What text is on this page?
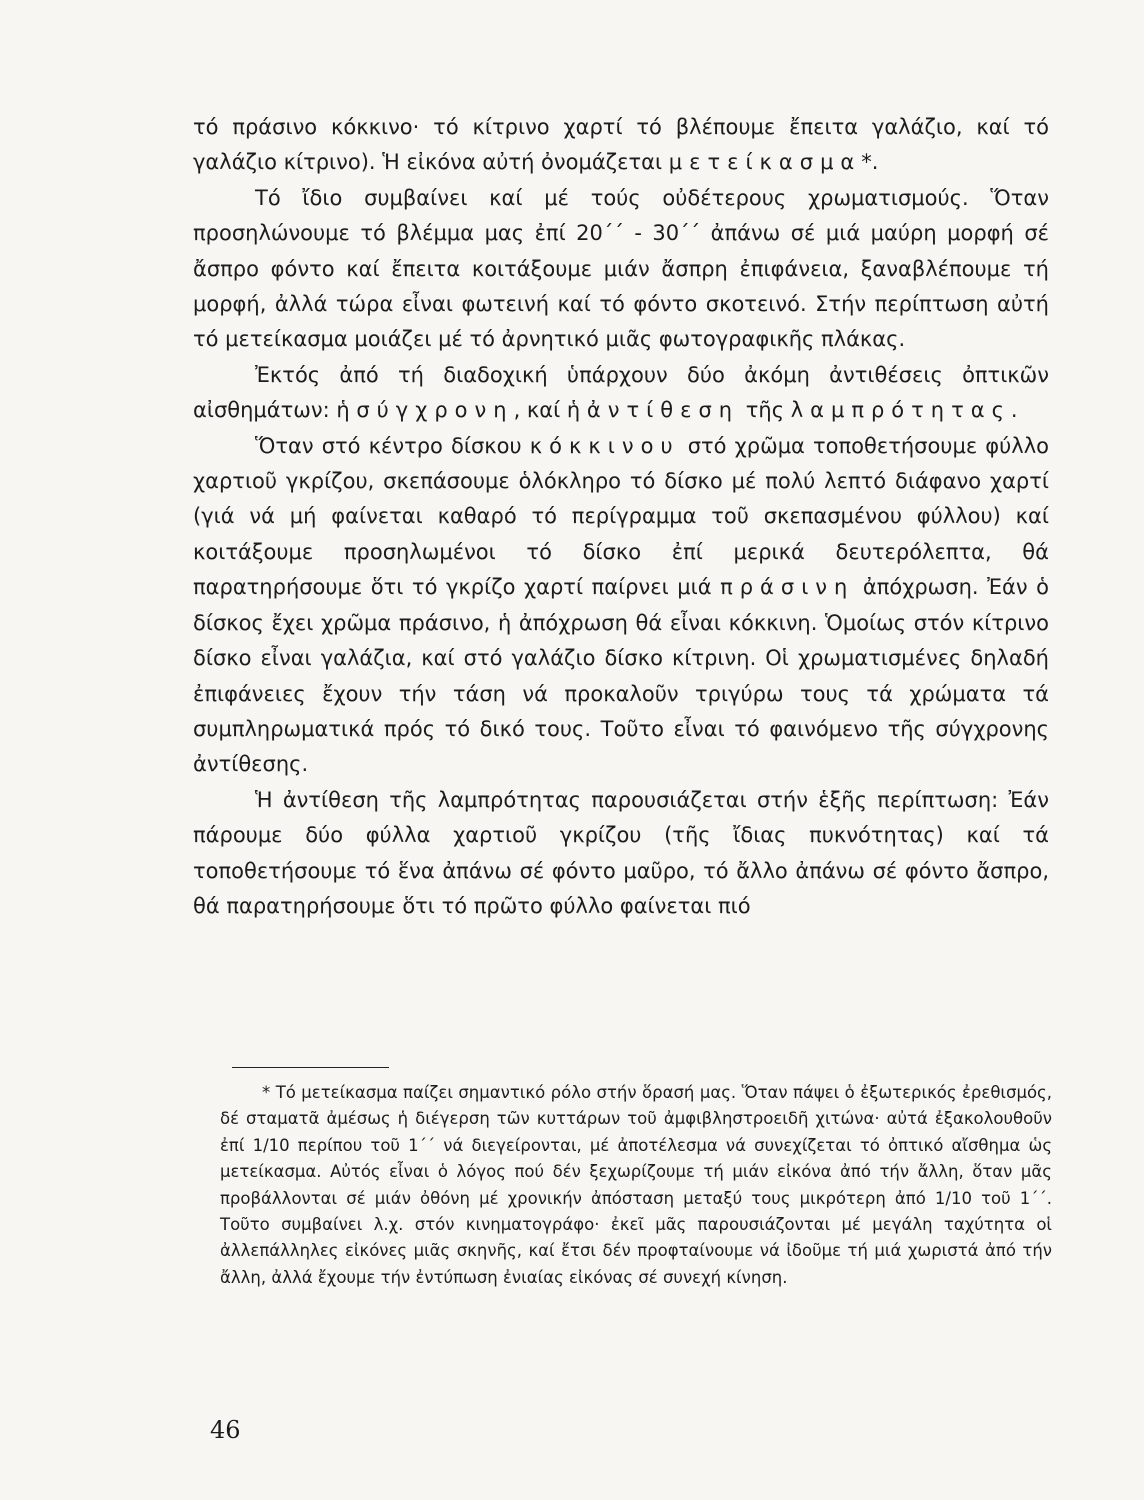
τό πράσινο κόκκινο· τό κίτρινο χαρτί τό βλέπουμε ἔπειτα γαλάζιο, καί τό γαλάζιο κίτρινο). Ἡ εἰκόνα αὐτή ὀνομάζεται μετείκασμα*.

Τό ἴδιο συμβαίνει καί μέ τούς οὐδέτερους χρωματισμούς. Ὅταν προσηλώνουμε τό βλέμμα μας ἐπί 20΄΄ - 30΄΄ ἀπάνω σέ μιά μαύρη μορφή σέ ἄσπρο φόντο καί ἔπειτα κοιτάξουμε μιάν ἄσπρη ἐπιφάνεια, ξαναβλέπουμε τή μορφή, ἀλλά τώρα εἶναι φωτεινή καί τό φόντο σκοτεινό. Στήν περίπτωση αὐτή τό μετείκασμα μοιάζει μέ τό ἀρνητικό μιᾶς φωτογραφικῆς πλάκας.

Ἐκτός ἀπό τή διαδοχική ὑπάρχουν δύο ἀκόμη ἀντιθέσεις ὀπτικῶν αἰσθημάτων: ἡ σύγχρονη, καί ἡ ἀντίθεση τῆς λαμπρότητας.

Ὅταν στό κέντρο δίσκου κόκκινου στό χρῶμα τοποθετήσουμε φύλλο χαρτιοῦ γκρίζου, σκεπάσουμε ὁλόκληρο τό δίσκο μέ πολύ λεπτό διάφανο χαρτί (γιά νά μή φαίνεται καθαρό τό περίγραμμα τοῦ σκεπασμένου φύλλου) καί κοιτάξουμε προσηλωμένοι τό δίσκο ἐπί μερικά δευτερόλεπτα, θά παρατηρήσουμε ὅτι τό γκρίζο χαρτί παίρνει μιά πράσινη ἀπόχρωση. Ἐάν ὁ δίσκος ἔχει χρῶμα πράσινο, ἡ ἀπόχρωση θά εἶναι κόκκινη. Ὁμοίως στόν κίτρινο δίσκο εἶναι γαλάζια, καί στό γαλάζιο δίσκο κίτρινη. Οἱ χρωματισμένες δηλαδή ἐπιφάνειες ἔχουν τήν τάση νά προκαλοῦν τριγύρω τους τά χρώματα τά συμπληρωματικά πρός τό δικό τους. Τοῦτο εἶναι τό φαινόμενο τῆς σύγχρονης ἀντίθεσης.

Ἡ ἀντίθεση τῆς λαμπρότητας παρουσιάζεται στήν ἑξῆς περίπτωση: Ἐάν πάρουμε δύο φύλλα χαρτιοῦ γκρίζου (τῆς ἴδιας πυκνότητας) καί τά τοποθετήσουμε τό ἕνα ἀπάνω σέ φόντο μαῦρο, τό ἄλλο ἀπάνω σέ φόντο ἄσπρο, θά παρατηρήσουμε ὅτι τό πρῶτο φύλλο φαίνεται πιό

* Τό μετείκασμα παίζει σημαντικό ρόλο στήν ὅρασή μας. Ὅταν πάψει ὁ ἐξωτερικός ἐρεθισμός, δέ σταματᾶ ἀμέσως ἡ διέγερση τῶν κυττάρων τοῦ ἀμφιβληστροειδῆ χιτώνα· αὐτά ἐξακολουθοῦν ἐπί 1/10 περίπου τοῦ 1΄΄ νά διεγείρονται, μέ ἀποτέλεσμα νά συνεχίζεται τό ὀπτικό αἴσθημα ὡς μετείκασμα. Αὐτός εἶναι ὁ λόγος πού δέν ξεχωρίζουμε τή μιάν εἰκόνα ἀπό τήν ἄλλη, ὅταν μᾶς προβάλλονται σέ μιάν ὀθόνη μέ χρονικήν ἀπόσταση μεταξύ τους μικρότερη ἀπό 1/10 τοῦ 1΄΄. Τοῦτο συμβαίνει λ.χ. στόν κινηματογράφο· ἐκεῖ μᾶς παρουσιάζονται μέ μεγάλη ταχύτητα οἱ ἀλλεπάλληλες εἰκόνες μιᾶς σκηνῆς, καί ἔτσι δέν προφταίνουμε νά ἰδοῦμε τή μιά χωριστά ἀπό τήν ἄλλη, ἀλλά ἔχουμε τήν ἐντύπωση ἐνιαίας εἰκόνας σέ συνεχή κίνηση.

46
